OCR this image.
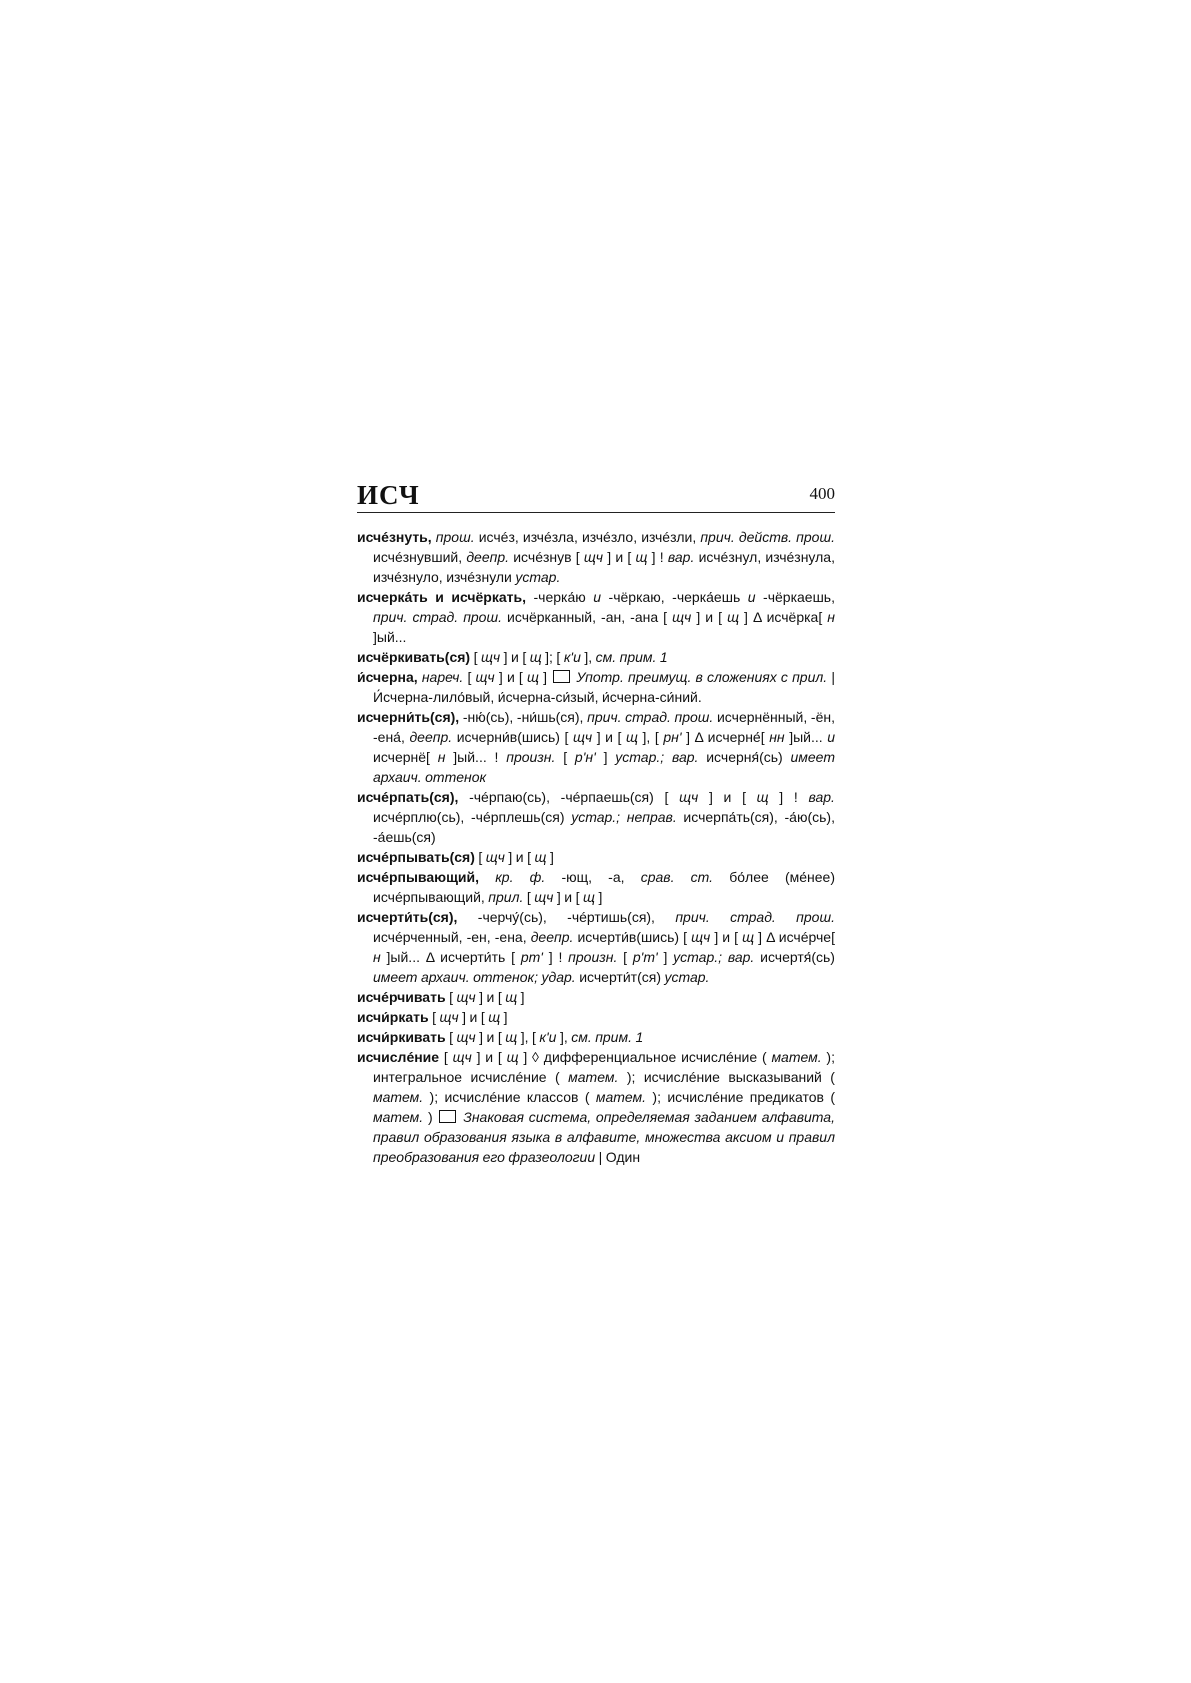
ИСЧ	400
исчéзнуть, прош. исчéз, изчéзла, изчéзло, изчéзли, прич. действ. прош. исчéзнувший, деепр. исчéзнув [ щч ] и [ щ ] ! вар. исчéзнул, изчéзнула, изчéзнуло, изчéзнули устар.
исчерка́ть и исчёркать, -черка́ю и -чёркаю, -черка́ешь и -чёркаешь, прич. страд. прош. исчёрканный, -ан, -ана [ щч ] и [ щ ] Δ исчёрка[ н ]ый...
исчёркивать(ся) [ щч ] и [ щ ]; [ к'и ], см. прим. 1
и́счерна, нареч. [ щч ] и [ щ ] Употр. преимущ. в сложениях с прил. | И́счерна-лило́вый, и́счерна-си́зый, и́счерна-си́ний.
исчерни́ть(ся), -ню́(сь), -ни́шь(ся), прич. страд. прош. исчернённый, -ён, -ена́, деепр. исчерни́в(шись) [ щч ] и [ щ ], [ рн' ] Δ исчерне́[ нн ]ый... и исчернё[ н ]ый... ! произн. [ р'н' ] устар.; вар. исчерня́(сь) имеет архаич. оттенок
исчéрпать(ся), -чéрпаю(сь), -чéрпаешь(ся) [ щч ] и [ щ ] ! вар. исчéрплю(сь), -чéрплешь(ся) устар.; неправ. исчерпа́ть(ся), -а́ю(сь), -а́ешь(ся)
исчéрпывать(ся) [ щч ] и [ щ ]
исчéрпывающий, кр. ф. -ющ, -а, срав. ст. бо́лее (ме́нее) исчéрпывающий, прил. [ щч ] и [ щ ]
исчерти́ть(ся), -черчу́(сь), -чéртишь(ся), прич. страд. прош. исчéрченный, -ен, -ена, деепр. исчерти́в(шись) [ щч ] и [ щ ] Δ исчéрче[ н ]ый... Δ исчерти́ть [ рт' ] ! произн. [ р'т' ] устар.; вар. исчертя́(сь) имеет архаич. оттенок; удар. исчерти́т(ся) устар.
исчéрчивать [ щч ] и [ щ ]
исчи́ркать [ щч ] и [ щ ]
исчи́ркивать [ щч ] и [ щ ], [ к'и ], см. прим. 1
исчислéние [ щч ] и [ щ ] ◊ дифференциальное исчислéние ( матем. ); интегральное исчислéние ( матем. ); исчислéние высказываний ( матем. ); исчислéние классов ( матем. ); исчислéние предикатов ( матем. ) Знаковая система, определяемая заданием алфавита, правил образования языка в алфавите, множества аксиом и правил преобразования его фразеологии | Один
